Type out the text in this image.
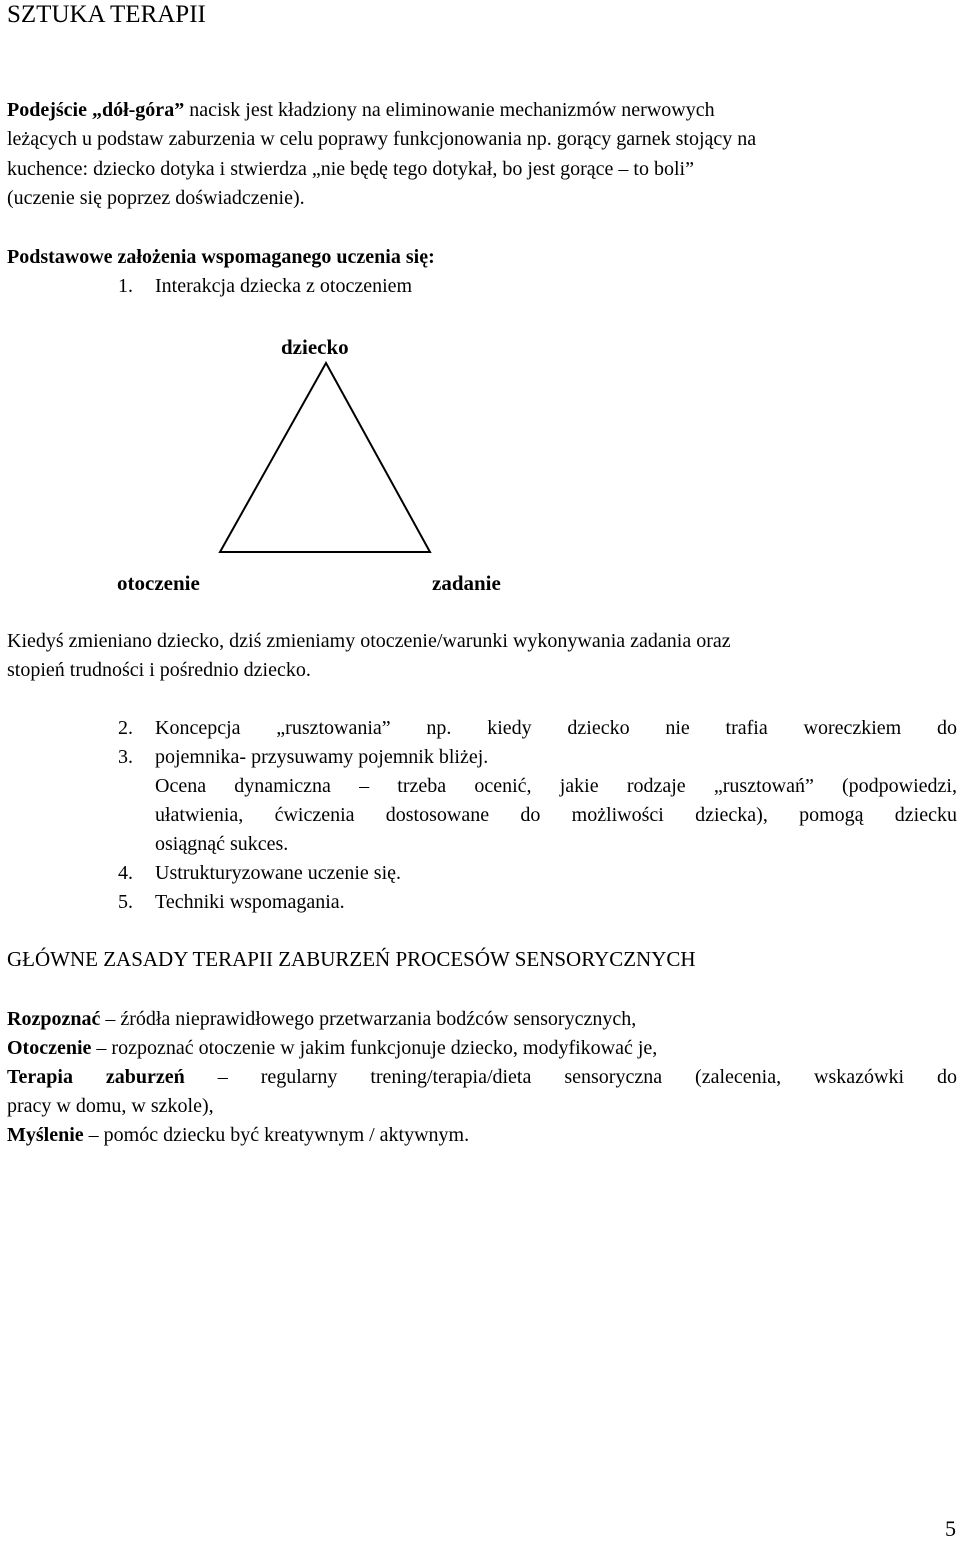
SZTUKA TERAPII
Podejście „dół-góra” nacisk jest kładziony na eliminowanie mechanizmów nerwowych
leżących u podstaw zaburzenia w celu poprawy funkcjonowania np. gorący garnek stojący na
kuchence: dziecko dotyka i stwierdza „nie będę tego dotykał, bo jest gorące – to boli”
(uczenie się poprzez doświadczenie).
Podstawowe założenia wspomaganego uczenia się:
1. Interakcja dziecka z otoczeniem
dziecko
otoczenie	zadanie
Kiedyś zmieniano dziecko, dziś zmieniamy otoczenie/warunki wykonywania zadania oraz
stopień trudności i pośrednio dziecko.
2. Koncepcja „rusztowania” np. kiedy dziecko nie trafia woreczkiem do
pojemnika- przysuwamy pojemnik bliżej.
3.
Ocena dynamiczna – trzeba ocenić, jakie rodzaje „rusztowań” (podpowiedzi,
ułatwienia, ćwiczenia dostosowane do możliwości dziecka), pomogą dziecku
osiągnąć sukces.
4. Ustrukturyzowane uczenie się.
5. Techniki wspomagania.
GŁÓWNE ZASADY TERAPII ZABURZEŃ PROCESÓW SENSORYCZNYCH
Rozpoznać – źródła nieprawidłowego przetwarzania bodźców sensorycznych,
Otoczenie – rozpoznać otoczenie w jakim funkcjonuje dziecko, modyfikować je,
Terapia zaburzeń – regularny trening/terapia/dieta sensoryczna (zalecenia, wskazówki do
pracy w domu, w szkole),
Myślenie – pomóc dziecku być kreatywnym / aktywnym.
5
